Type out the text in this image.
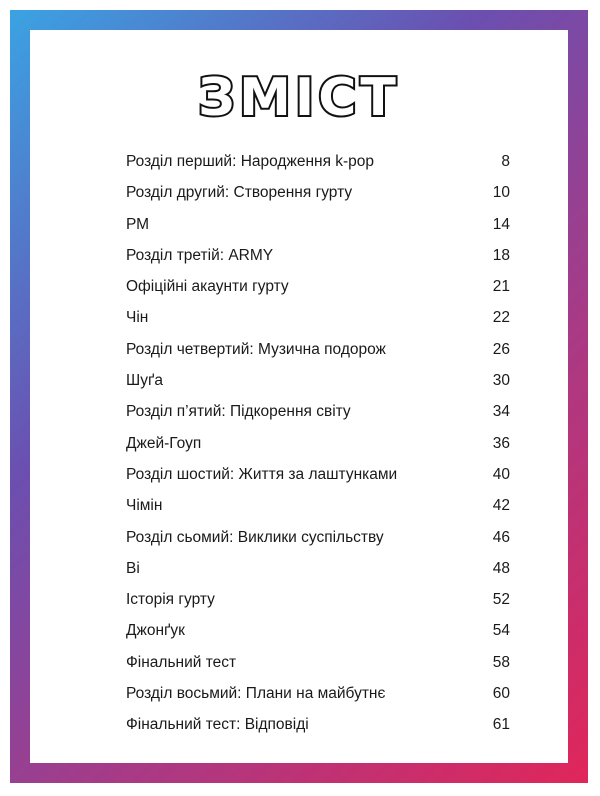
ЗМІСТ
Розділ перший: Народження k-pop	8
Розділ другий: Створення гурту	10
РМ	14
Розділ третій: ARMY	18
Офіційні акаунти гурту	21
Чін	22
Розділ четвертий: Музична подорож	26
Шуґа	30
Розділ п’ятий: Підкорення світу	34
Джей-Гоуп	36
Розділ шостий: Життя за лаштунками	40
Чімін	42
Розділ сьомий: Виклики суспільству	46
Ві	48
Історія гурту	52
Джонґук	54
Фінальний тест	58
Розділ восьмий: Плани на майбутнє	60
Фінальний тест: Відповіді	61
